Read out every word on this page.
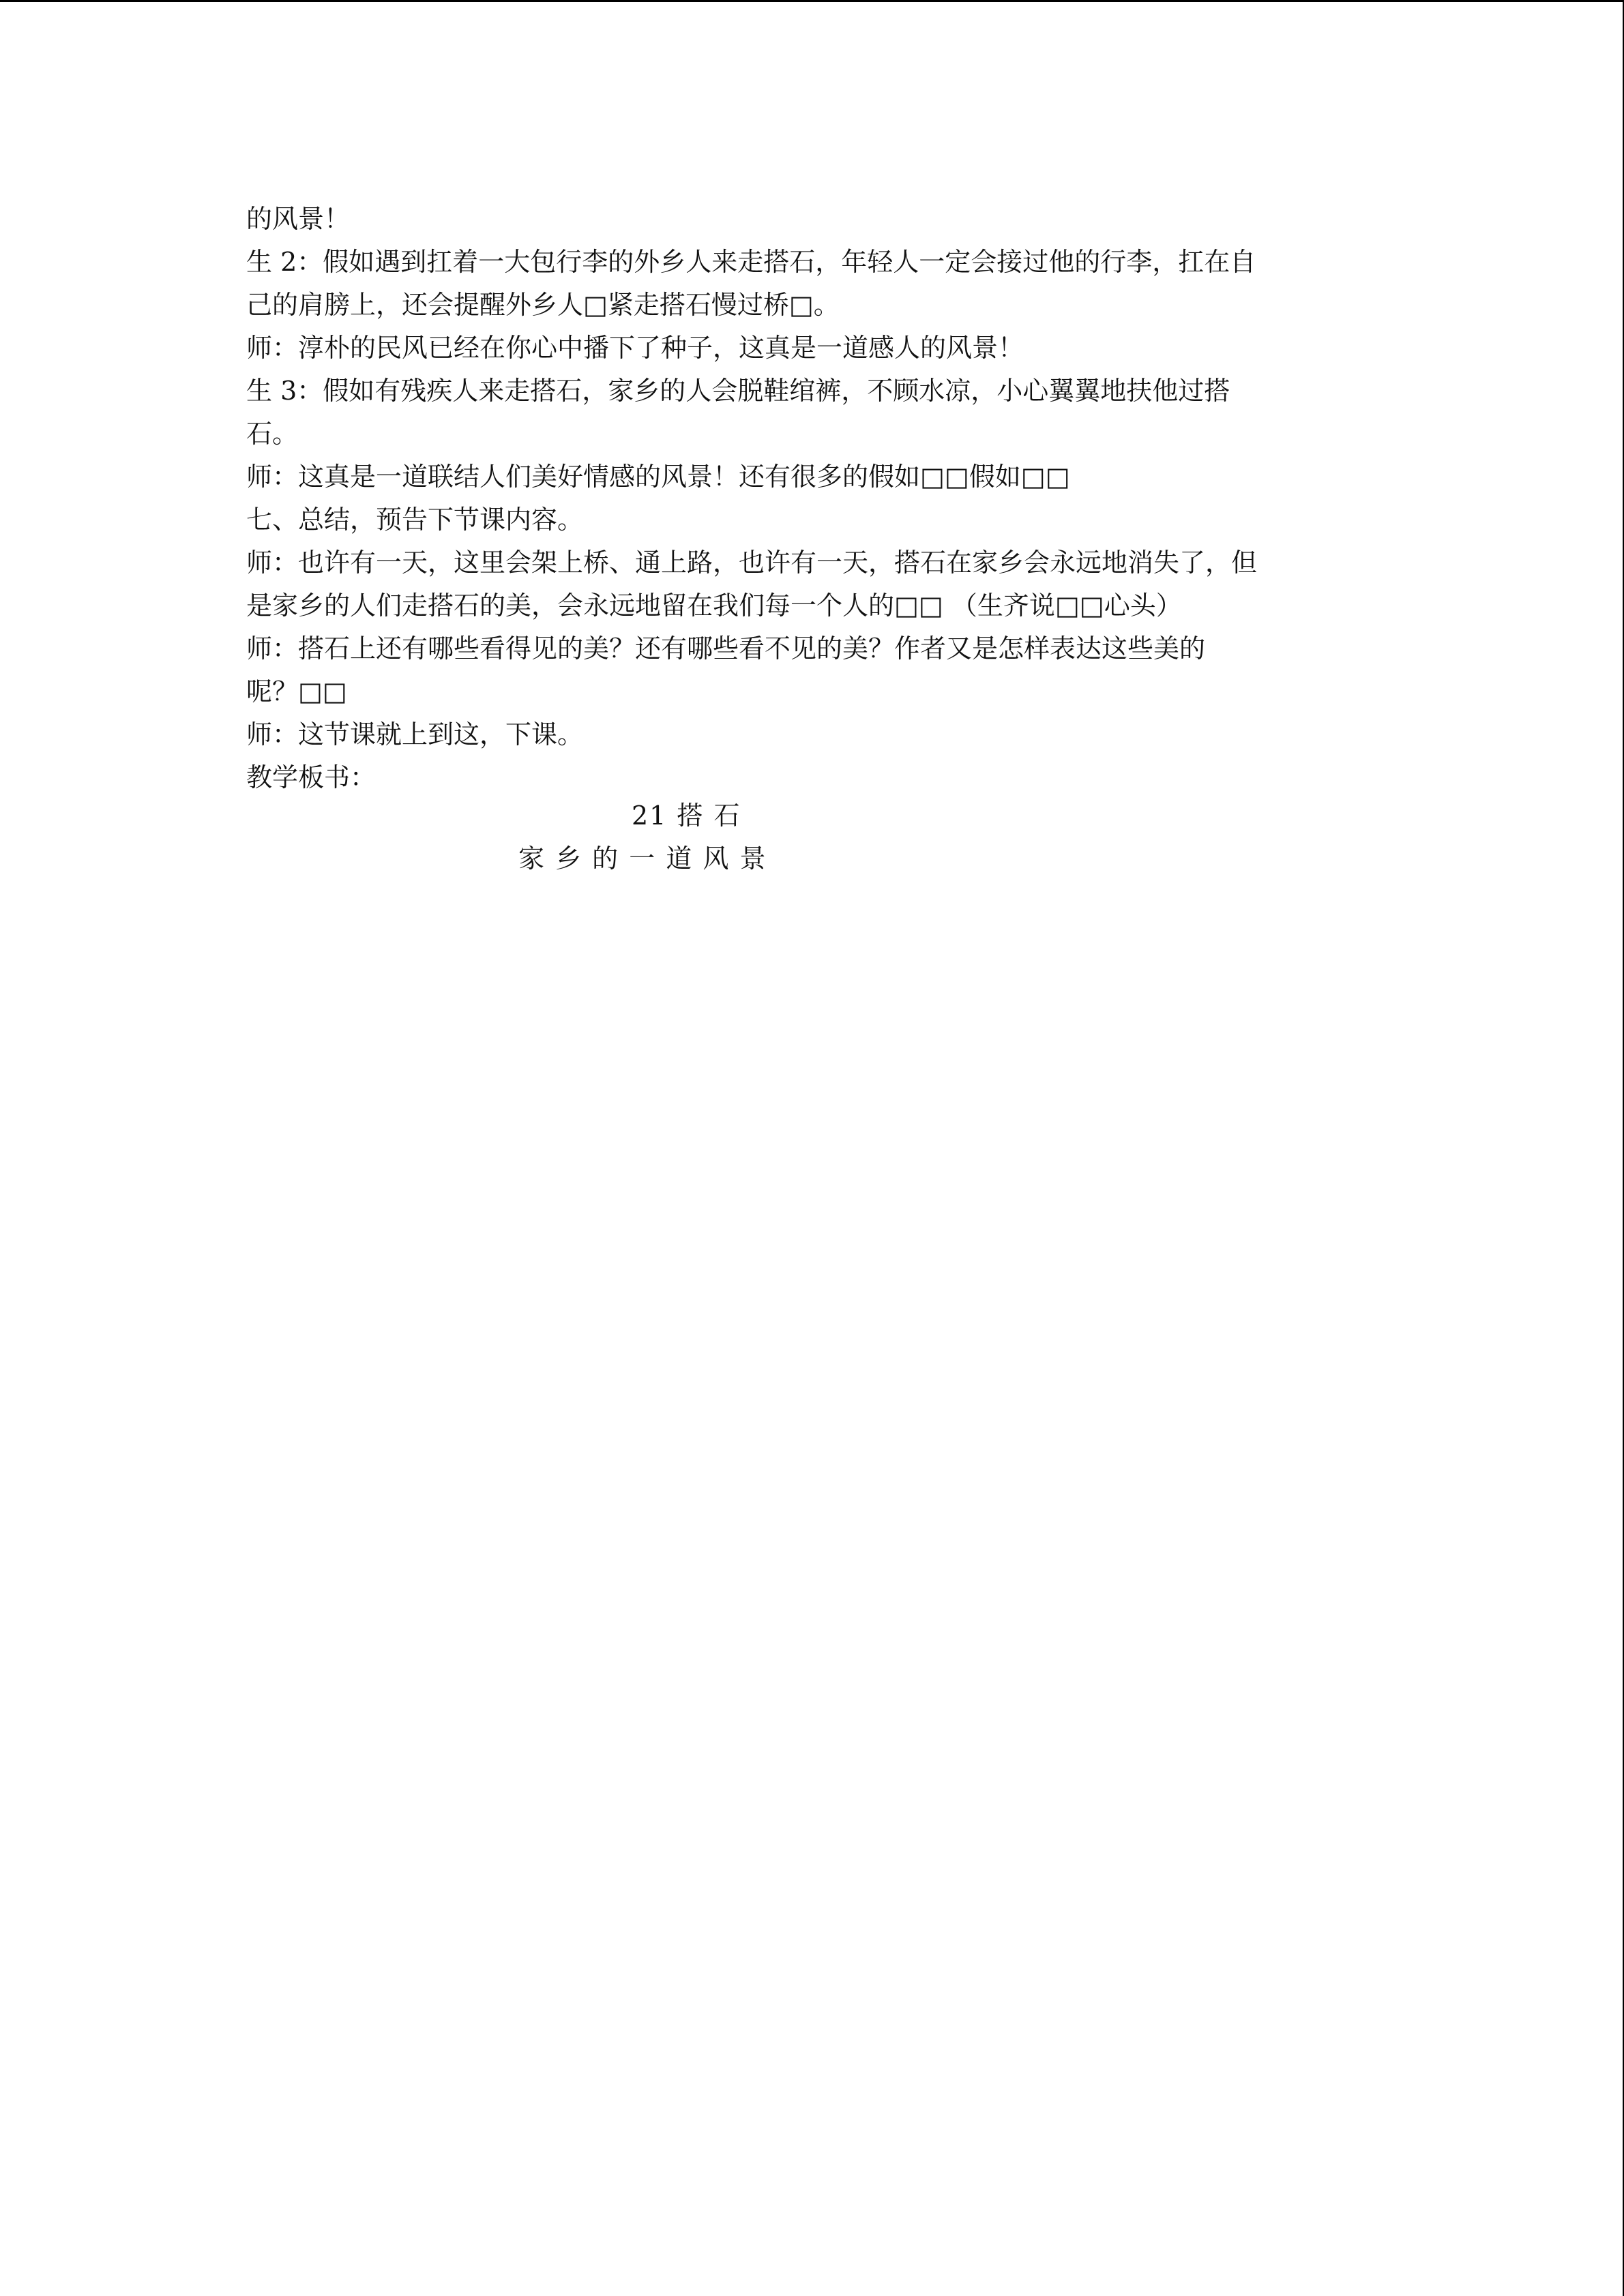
的风景！
生 2：假如遇到扛着一大包行李的外乡人来走搭石，年轻人一定会接过他的行李，扛在自
己的肩膀上，还会提醒外乡人□紧走搭石慢过桥□。
师：淳朴的民风已经在你心中播下了种子，这真是一道感人的风景！
生 3：假如有残疾人来走搭石，家乡的人会脱鞋绾裤，不顾水凉，小心翼翼地扶他过搭
石。
师：这真是一道联结人们美好情感的风景！还有很多的假如□□假如□□
七、总结，预告下节课内容。
师：也许有一天，这里会架上桥、通上路，也许有一天，搭石在家乡会永远地消失了，但
是家乡的人们走搭石的美，会永远地留在我们每一个人的□□ （生齐说□□心头）
师：搭石上还有哪些看得见的美？还有哪些看不见的美？作者又是怎样表达这些美的
呢？□□
师：这节课就上到这，下课。
教学板书：
21 搭 石
家 乡 的 一 道 风 景
